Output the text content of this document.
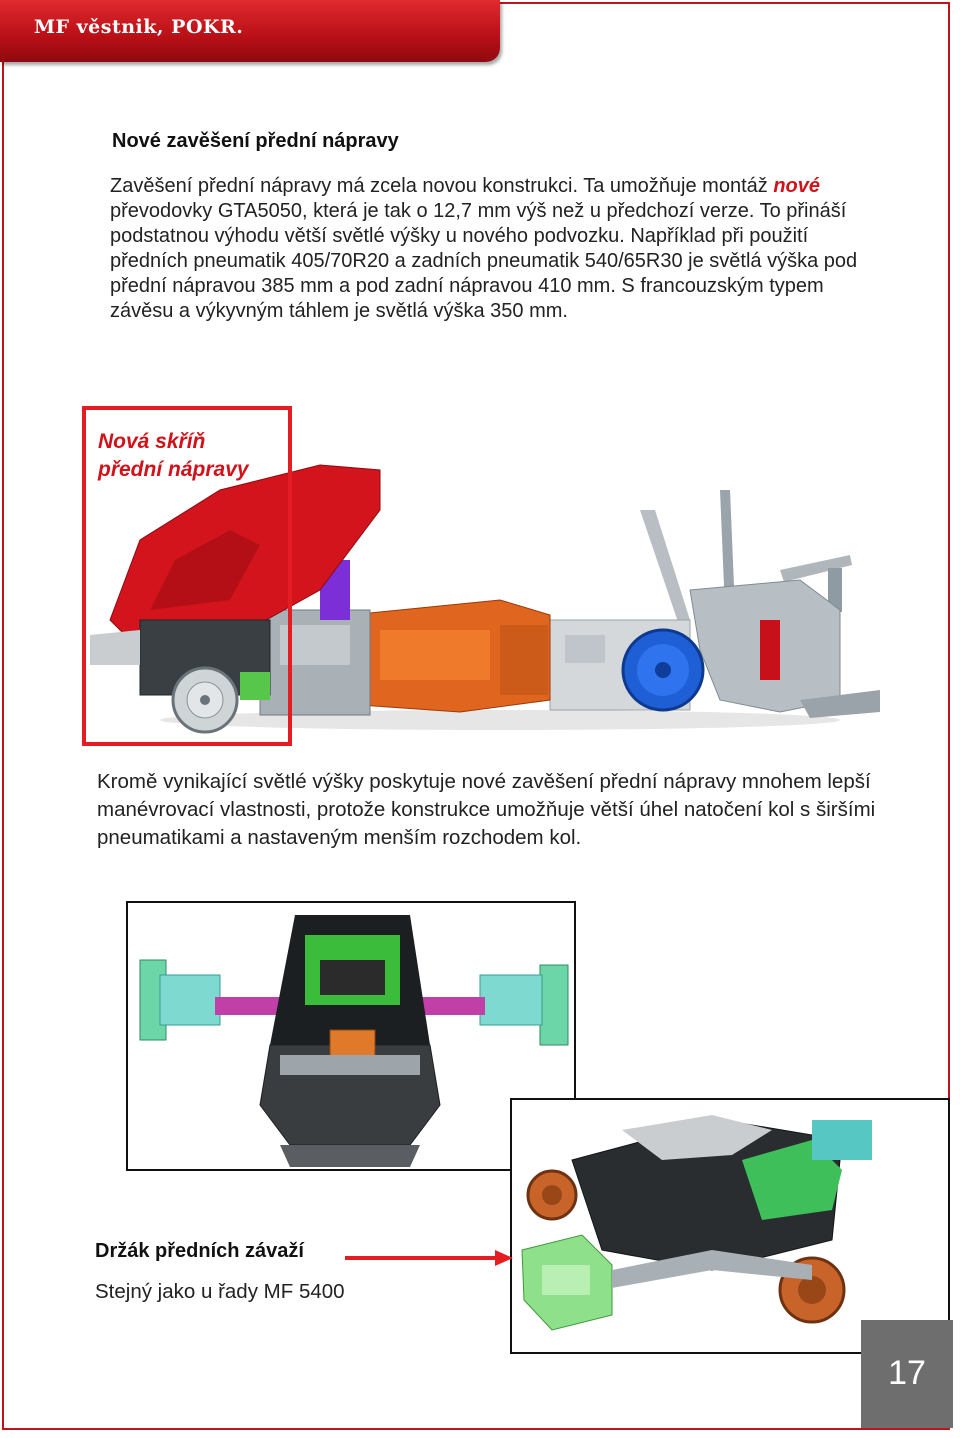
MF věstnik, POKR.
Nové zavěšení přední nápravy
Zavěšení přední nápravy má zcela novou konstrukci. Ta umožňuje montáž nové převodovky GTA5050, která je tak o 12,7 mm výš než u předchozí verze. To přináší podstatnou výhodu větší světlé výšky u nového podvozku. Například při použití předních pneumatik 405/70R20 a zadních pneumatik 540/65R30 je světlá výška pod přední nápravou 385 mm a pod zadní nápravou 410 mm. S francouzským typem závěsu a výkyvným táhlem je světlá výška 350 mm.
Nová skříň
přední nápravy
Kromě vynikající světlé výšky poskytuje nové zavěšení přední nápravy mnohem lepší manévrovací vlastnosti, protože konstrukce umožňuje větší úhel natočení kol s širšími pneumatikami a nastaveným menším rozchodem kol.
Držák předních závaží
Stejný jako u řady MF 5400
17
